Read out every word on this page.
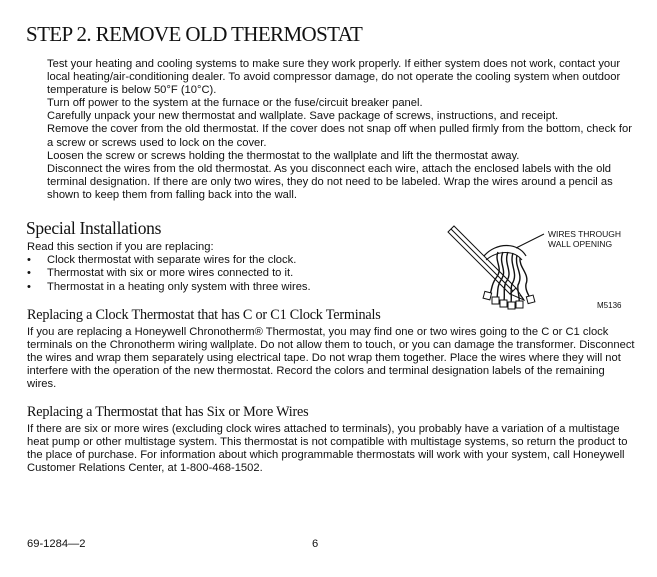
STEP 2. REMOVE OLD THERMOSTAT

Test your heating and cooling systems to make sure they work properly. If either system does not work, contact your local heating/air-conditioning dealer. To avoid compressor damage, do not operate the cooling system when outdoor temperature is below 50°F (10°C).

Turn off power to the system at the furnace or the fuse/circuit breaker panel.

Carefully unpack your new thermostat and wallplate. Save package of screws, instructions, and receipt.

Remove the cover from the old thermostat. If the cover does not snap off when pulled firmly from the bottom, check for a screw or screws used to lock on the cover.

Loosen the screw or screws holding the thermostat to the wallplate and lift the thermostat away.

Disconnect the wires from the old thermostat. As you disconnect each wire, attach the enclosed labels with the old terminal designation. If there are only two wires, they do not need to be labeled. Wrap the wires around a pencil as shown to keep them from falling back into the wall.

Special Installations
Read this section if you are replacing:
• Clock thermostat with separate wires for the clock.
• Thermostat with six or more wires connected to it.
• Thermostat in a heating only system with three wires.
WIRES THROUGH
WALL OPENING
M5136
Replacing a Clock Thermostat that has C or C1 Clock Terminals

If you are replacing a Honeywell Chronotherm® Thermostat, you may find one or two wires going to the C or C1 clock terminals on the Chronotherm wiring wallplate. Do not allow them to touch, or you can damage the transformer. Disconnect the wires and wrap them separately using electrical tape. Do not wrap them together. Place the wires where they will not interfere with the operation of the new thermostat. Record the colors and terminal designation labels of the remaining wires.

Replacing a Thermostat that has Six or More Wires

If there are six or more wires (excluding clock wires attached to terminals), you probably have a variation of a multistage heat pump or other multistage system. This thermostat is not compatible with multistage systems, so return the product to the place of purchase. For information about which programmable thermostats will work with your system, call Honeywell Customer Relations Center, at 1-800-468-1502.

69-1284—2	6
